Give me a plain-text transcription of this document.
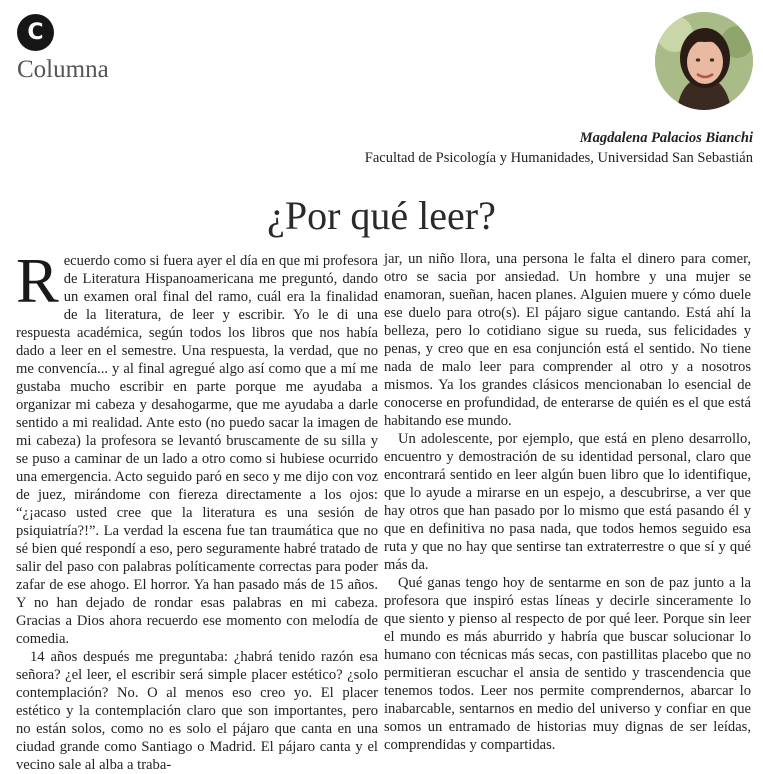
C
Columna
Magdalena Palacios Bianchi
Facultad de Psicología y Humanidades, Universidad San Sebastián
¿Por qué leer?

Recuerdo como si fuera ayer el día en que mi profesora de Literatura Hispanoamericana me preguntó, dando un examen oral final del ramo, cuál era la finalidad de la literatura, de leer y escribir. Yo le di una respuesta académica, según todos los libros que nos había dado a leer en el semestre. Una respuesta, la verdad, que no me convencía... y al final agregué algo así como que a mí me gustaba mucho escribir en parte porque me ayudaba a organizar mi cabeza y desahogarme, que me ayudaba a darle sentido a mi realidad. Ante esto (no puedo sacar la imagen de mi cabeza) la profesora se levantó bruscamente de su silla y se puso a caminar de un lado a otro como si hubiese ocurrido una emergencia. Acto seguido paró en seco y me dijo con voz de juez, mirándome con fiereza directamente a los ojos: “¿¡acaso usted cree que la literatura es una sesión de psiquiatría?!”. La verdad la escena fue tan traumática que no sé bien qué respondí a eso, pero seguramente habré tratado de salir del paso con palabras políticamente correctas para poder zafar de ese ahogo. El horror. Ya han pasado más de 15 años. Y no han dejado de rondar esas palabras en mi cabeza. Gracias a Dios ahora recuerdo ese momento con melodía de comedia.

14 años después me preguntaba: ¿habrá tenido razón esa señora? ¿el leer, el escribir será simple placer estético? ¿solo contemplación? No. O al menos eso creo yo. El placer estético y la contemplación claro que son importantes, pero no están solos, como no es solo el pájaro que canta en una ciudad grande como Santiago o Madrid. El pájaro canta y el vecino sale al alba a traba-

jar, un niño llora, una persona le falta el dinero para comer, otro se sacia por ansiedad. Un hombre y una mujer se enamoran, sueñan, hacen planes. Alguien muere y cómo duele ese duelo para otro(s). El pájaro sigue cantando. Está ahí la belleza, pero lo cotidiano sigue su rueda, sus felicidades y penas, y creo que en esa conjunción está el sentido. No tiene nada de malo leer para comprender al otro y a nosotros mismos. Ya los grandes clásicos mencionaban lo esencial de conocerse en profundidad, de enterarse de quién es el que está habitando ese mundo.

Un adolescente, por ejemplo, que está en pleno desarrollo, encuentro y demostración de su identidad personal, claro que encontrará sentido en leer algún buen libro que lo identifique, que lo ayude a mirarse en un espejo, a descubrirse, a ver que hay otros que han pasado por lo mismo que está pasando él y que en definitiva no pasa nada, que todos hemos seguido esa ruta y que no hay que sentirse tan extraterrestre o que sí y qué más da.

Qué ganas tengo hoy de sentarme en son de paz junto a la profesora que inspiró estas líneas y decirle sinceramente lo que siento y pienso al respecto de por qué leer. Porque sin leer el mundo es más aburrido y habría que buscar solucionar lo humano con técnicas más secas, con pastillitas placebo que no permitieran escuchar el ansia de sentido y trascendencia que tenemos todos. Leer nos permite comprendernos, abarcar lo inabarcable, sentarnos en medio del universo y confiar en que somos un entramado de historias muy dignas de ser leídas, comprendidas y compartidas.
